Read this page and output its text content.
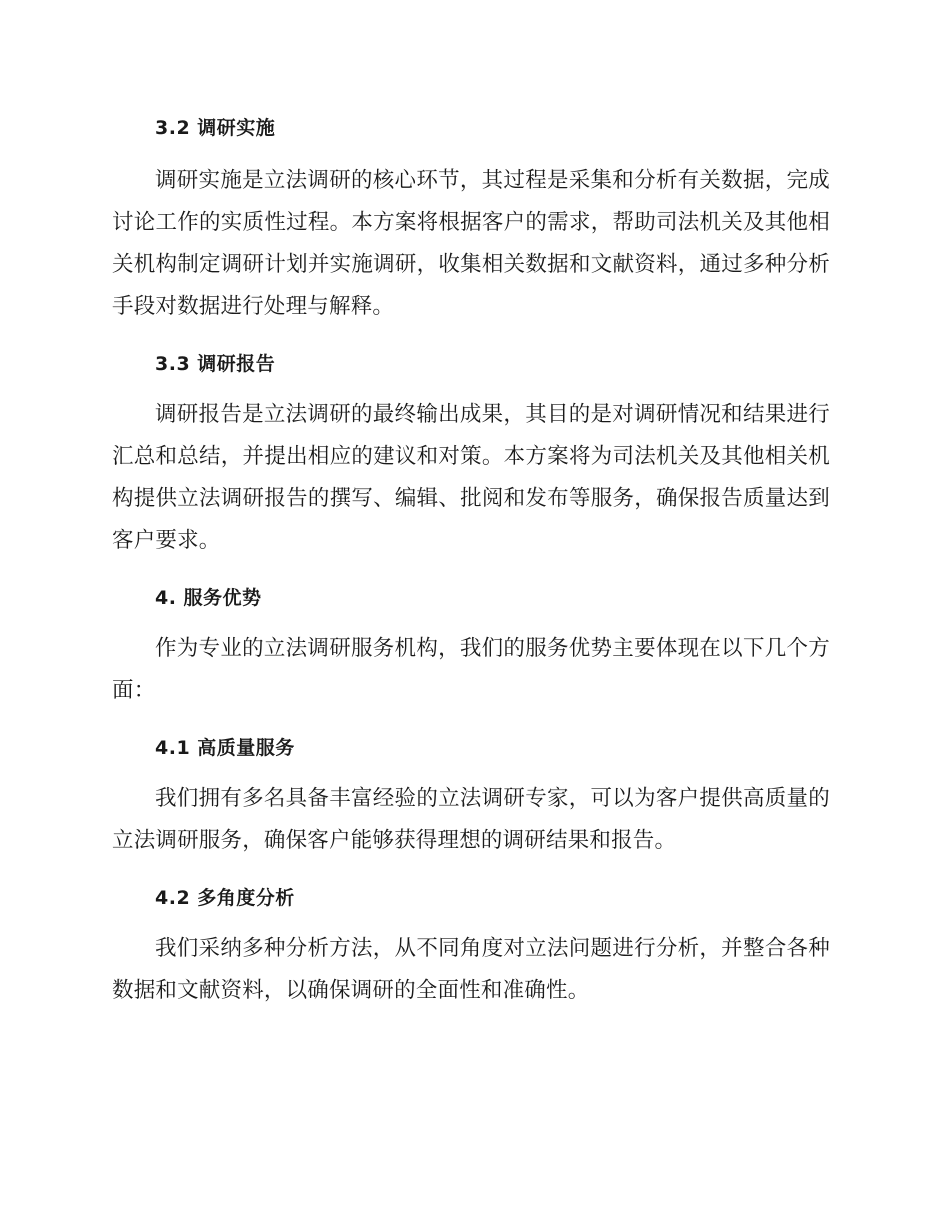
3.2 调研实施

调研实施是立法调研的核心环节，其过程是采集和分析有关数据，完成讨论工作的实质性过程。本方案将根据客户的需求，帮助司法机关及其他相关机构制定调研计划并实施调研，收集相关数据和文献资料，通过多种分析手段对数据进行处理与解释。

3.3 调研报告

调研报告是立法调研的最终输出成果，其目的是对调研情况和结果进行汇总和总结，并提出相应的建议和对策。本方案将为司法机关及其他相关机构提供立法调研报告的撰写、编辑、批阅和发布等服务，确保报告质量达到客户要求。

4. 服务优势

作为专业的立法调研服务机构，我们的服务优势主要体现在以下几个方面：

4.1 高质量服务

我们拥有多名具备丰富经验的立法调研专家，可以为客户提供高质量的立法调研服务，确保客户能够获得理想的调研结果和报告。

4.2 多角度分析

我们采纳多种分析方法，从不同角度对立法问题进行分析，并整合各种数据和文献资料，以确保调研的全面性和准确性。
